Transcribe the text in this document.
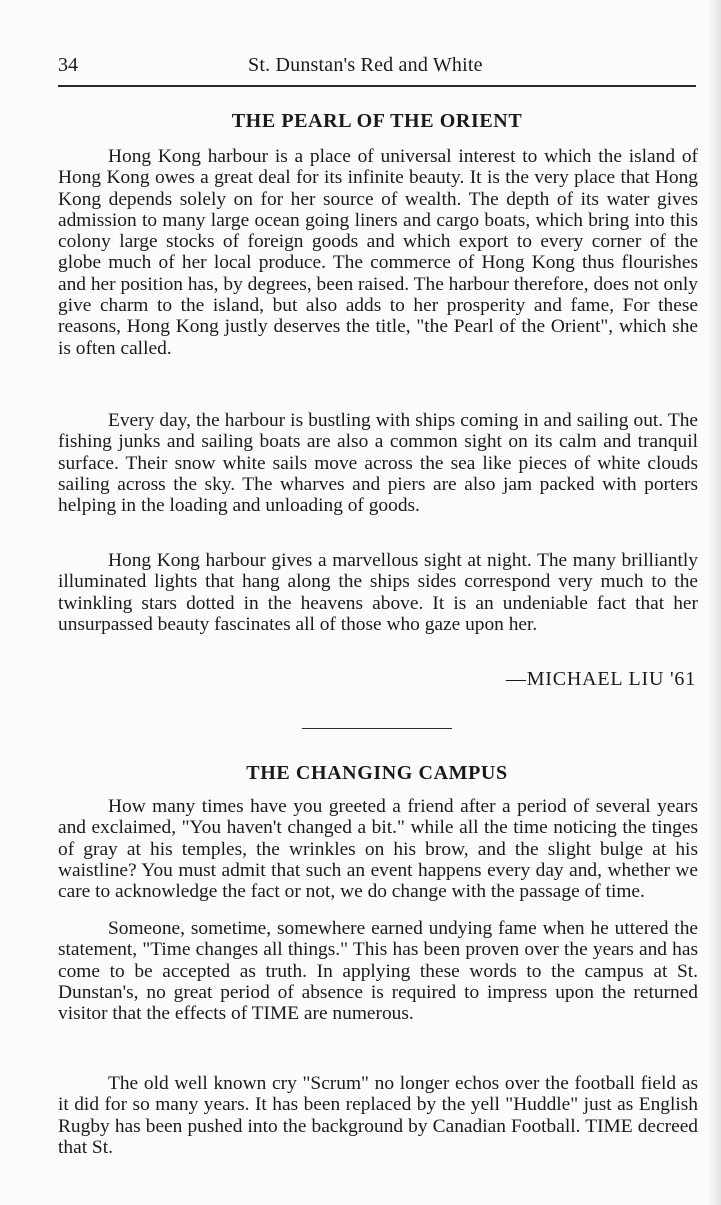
34	St. Dunstan's Red and White
THE PEARL OF THE ORIENT

Hong Kong harbour is a place of universal interest to which the island of Hong Kong owes a great deal for its infinite beauty. It is the very place that Hong Kong depends solely on for her source of wealth. The depth of its water gives admission to many large ocean going liners and cargo boats, which bring into this colony large stocks of foreign goods and which export to every corner of the globe much of her local produce. The commerce of Hong Kong thus flourishes and her position has, by degrees, been raised. The harbour therefore, does not only give charm to the island, but also adds to her prosperity and fame, For these reasons, Hong Kong justly deserves the title, "the Pearl of the Orient", which she is often called.

Every day, the harbour is bustling with ships coming in and sailing out. The fishing junks and sailing boats are also a common sight on its calm and tranquil surface. Their snow white sails move across the sea like pieces of white clouds sailing across the sky. The wharves and piers are also jam packed with porters helping in the loading and unloading of goods.

Hong Kong harbour gives a marvellous sight at night. The many brilliantly illuminated lights that hang along the ships sides correspond very much to the twinkling stars dotted in the heavens above. It is an undeniable fact that her unsurpassed beauty fascinates all of those who gaze upon her.

—MICHAEL LIU '61
THE CHANGING CAMPUS

How many times have you greeted a friend after a period of several years and exclaimed, "You haven't changed a bit." while all the time noticing the tinges of gray at his temples, the wrinkles on his brow, and the slight bulge at his waistline? You must admit that such an event happens every day and, whether we care to acknowledge the fact or not, we do change with the passage of time.

Someone, sometime, somewhere earned undying fame when he uttered the statement, "Time changes all things." This has been proven over the years and has come to be accepted as truth. In applying these words to the campus at St. Dunstan's, no great period of absence is required to impress upon the returned visitor that the effects of TIME are numerous.

The old well known cry "Scrum" no longer echos over the football field as it did for so many years. It has been replaced by the yell "Huddle" just as English Rugby has been pushed into the background by Canadian Football. TIME decreed that St.
